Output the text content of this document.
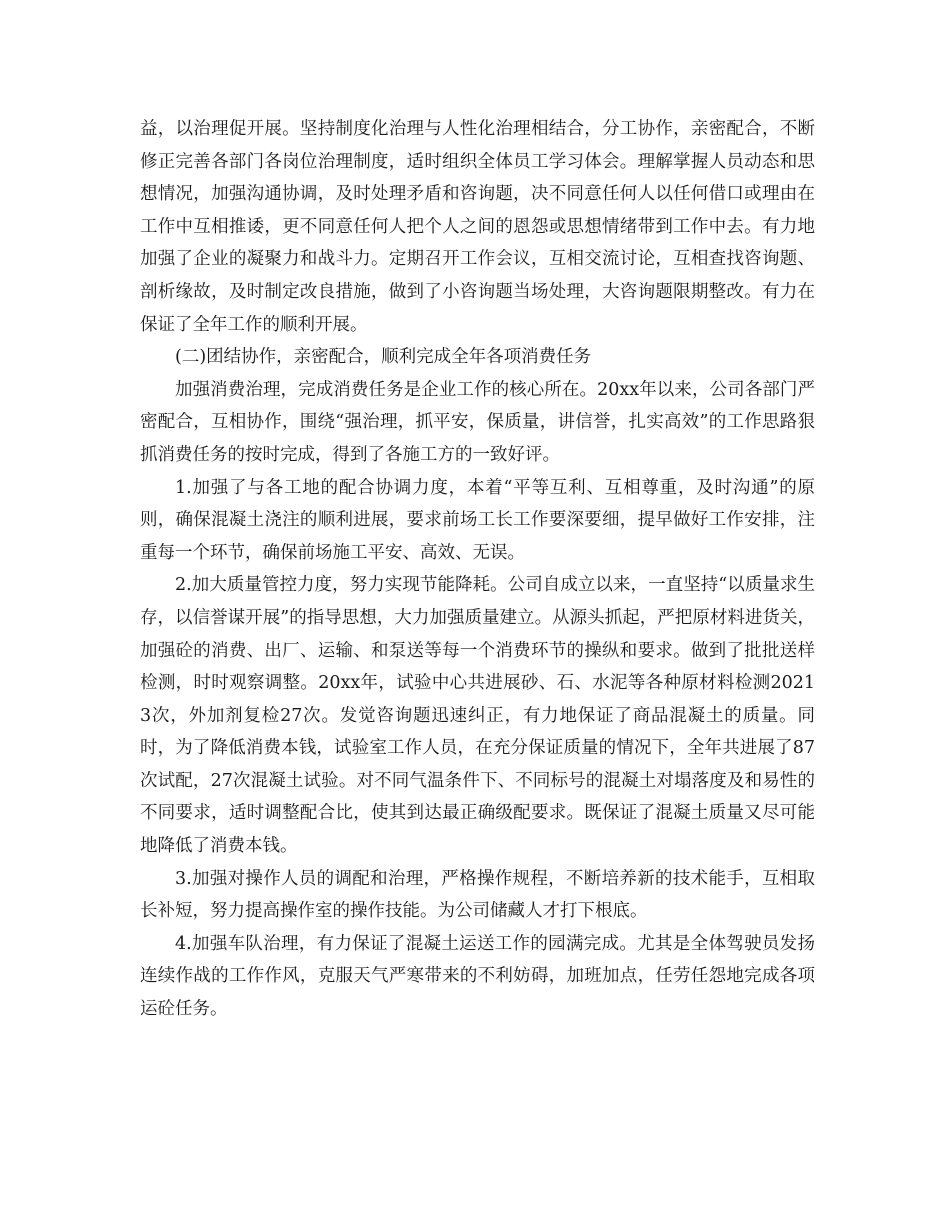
益，以治理促开展。坚持制度化治理与人性化治理相结合，分工协作，亲密配合，不断修正完善各部门各岗位治理制度，适时组织全体员工学习体会。理解掌握人员动态和思想情况，加强沟通协调，及时处理矛盾和咨询题，决不同意任何人以任何借口或理由在工作中互相推诿，更不同意任何人把个人之间的恩怨或思想情绪带到工作中去。有力地加强了企业的凝聚力和战斗力。定期召开工作会议，互相交流讨论，互相查找咨询题、剖析缘故，及时制定改良措施，做到了小咨询题当场处理，大咨询题限期整改。有力在保证了全年工作的顺利开展。

(二)团结协作，亲密配合，顺利完成全年各项消费任务

加强消费治理，完成消费任务是企业工作的核心所在。20xx年以来，公司各部门严密配合，互相协作，围绕“强治理，抓平安，保质量，讲信誉，扎实高效”的工作思路狠抓消费任务的按时完成，得到了各施工方的一致好评。

1.加强了与各工地的配合协调力度，本着“平等互利、互相尊重，及时沟通”的原则，确保混凝土浇注的顺利进展，要求前场工长工作要深要细，提早做好工作安排，注重每一个环节，确保前场施工平安、高效、无误。

2.加大质量管控力度，努力实现节能降耗。公司自成立以来，一直坚持“以质量求生存，以信誉谋开展”的指导思想，大力加强质量建立。从源头抓起，严把原材料进货关，加强砼的消费、出厂、运输、和泵送等每一个消费环节的操纵和要求。做到了批批送样检测，时时观察调整。20xx年，试验中心共进展砂、石、水泥等各种原材料检测20213次，外加剂复检27次。发觉咨询题迅速纠正，有力地保证了商品混凝土的质量。同时，为了降低消费本钱，试验室工作人员，在充分保证质量的情况下，全年共进展了87次试配，27次混凝土试验。对不同气温条件下、不同标号的混凝土对塌落度及和易性的不同要求，适时调整配合比，使其到达最正确级配要求。既保证了混凝土质量又尽可能地降低了消费本钱。

3.加强对操作人员的调配和治理，严格操作规程，不断培养新的技术能手，互相取长补短，努力提高操作室的操作技能。为公司储藏人才打下根底。

4.加强车队治理，有力保证了混凝土运送工作的园满完成。尤其是全体驾驶员发扬连续作战的工作作风，克服天气严寒带来的不利妨碍，加班加点，任劳任怨地完成各项运砼任务。
